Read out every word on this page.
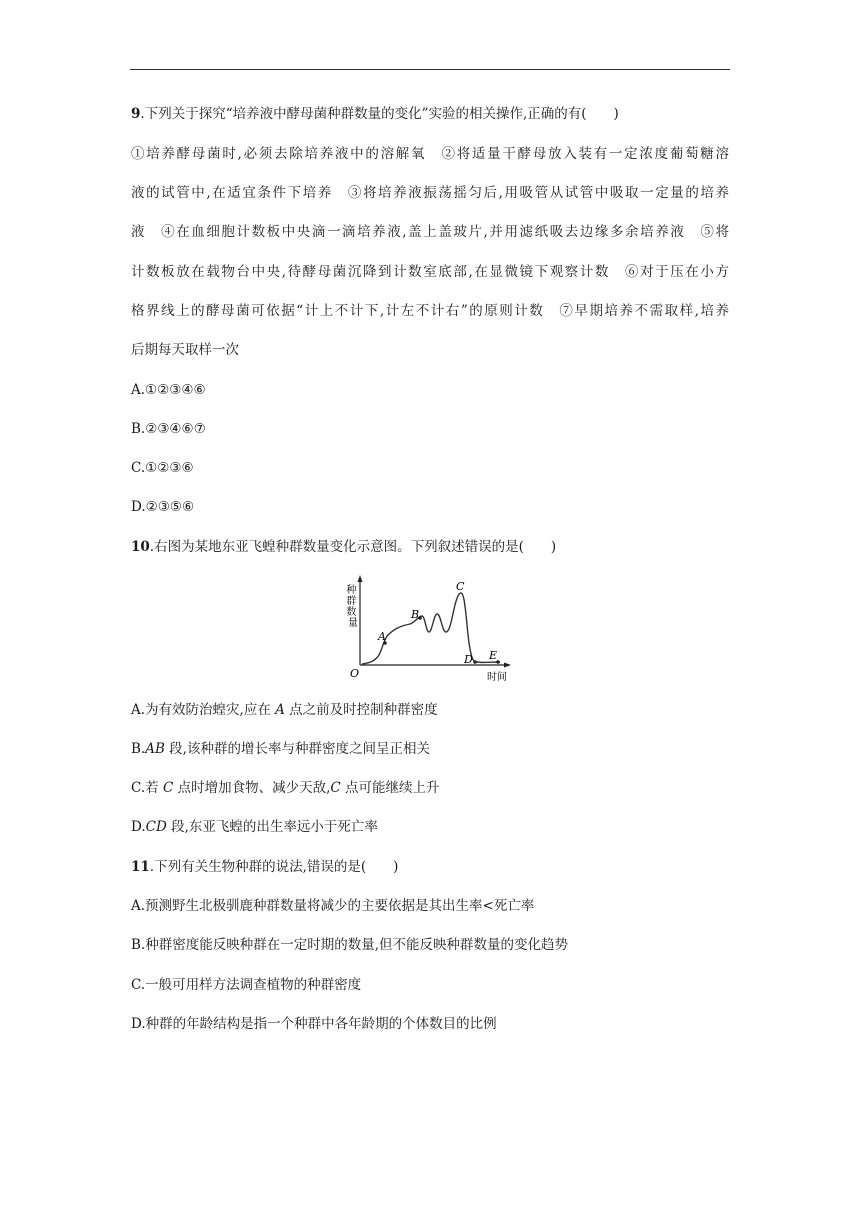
9.下列关于探究“培养液中酵母菌种群数量的变化”实验的相关操作,正确的有(　　)
①培养酵母菌时,必须去除培养液中的溶解氧　②将适量干酵母放入装有一定浓度葡萄糖溶
液的试管中,在适宜条件下培养　③将培养液振荡摇匀后,用吸管从试管中吸取一定量的培养
液　④在血细胞计数板中央滴一滴培养液,盖上盖玻片,并用滤纸吸去边缘多余培养液　⑤将
计数板放在载物台中央,待酵母菌沉降到计数室底部,在显微镜下观察计数　⑥对于压在小方
格界线上的酵母菌可依据“计上不计下,计左不计右”的原则计数　⑦早期培养不需取样,培养
后期每天取样一次
A.①②③④⑥
B.②③④⑥⑦
C.①②③⑥
D.②③⑤⑥
10.右图为某地东亚飞蝗种群数量变化示意图。下列叙述错误的是(　　)
种 群 数 量
A
B
C
D E
O	时间
A.为有效防治蝗灾,应在 A 点之前及时控制种群密度
B.AB 段,该种群的增长率与种群密度之间呈正相关
C.若 C 点时增加食物、减少天敌,C 点可能继续上升
D.CD 段,东亚飞蝗的出生率远小于死亡率
11.下列有关生物种群的说法,错误的是(　　)
A.预测野生北极驯鹿种群数量将减少的主要依据是其出生率<死亡率
B.种群密度能反映种群在一定时期的数量,但不能反映种群数量的变化趋势
C.一般可用样方法调查植物的种群密度
D.种群的年龄结构是指一个种群中各年龄期的个体数目的比例
